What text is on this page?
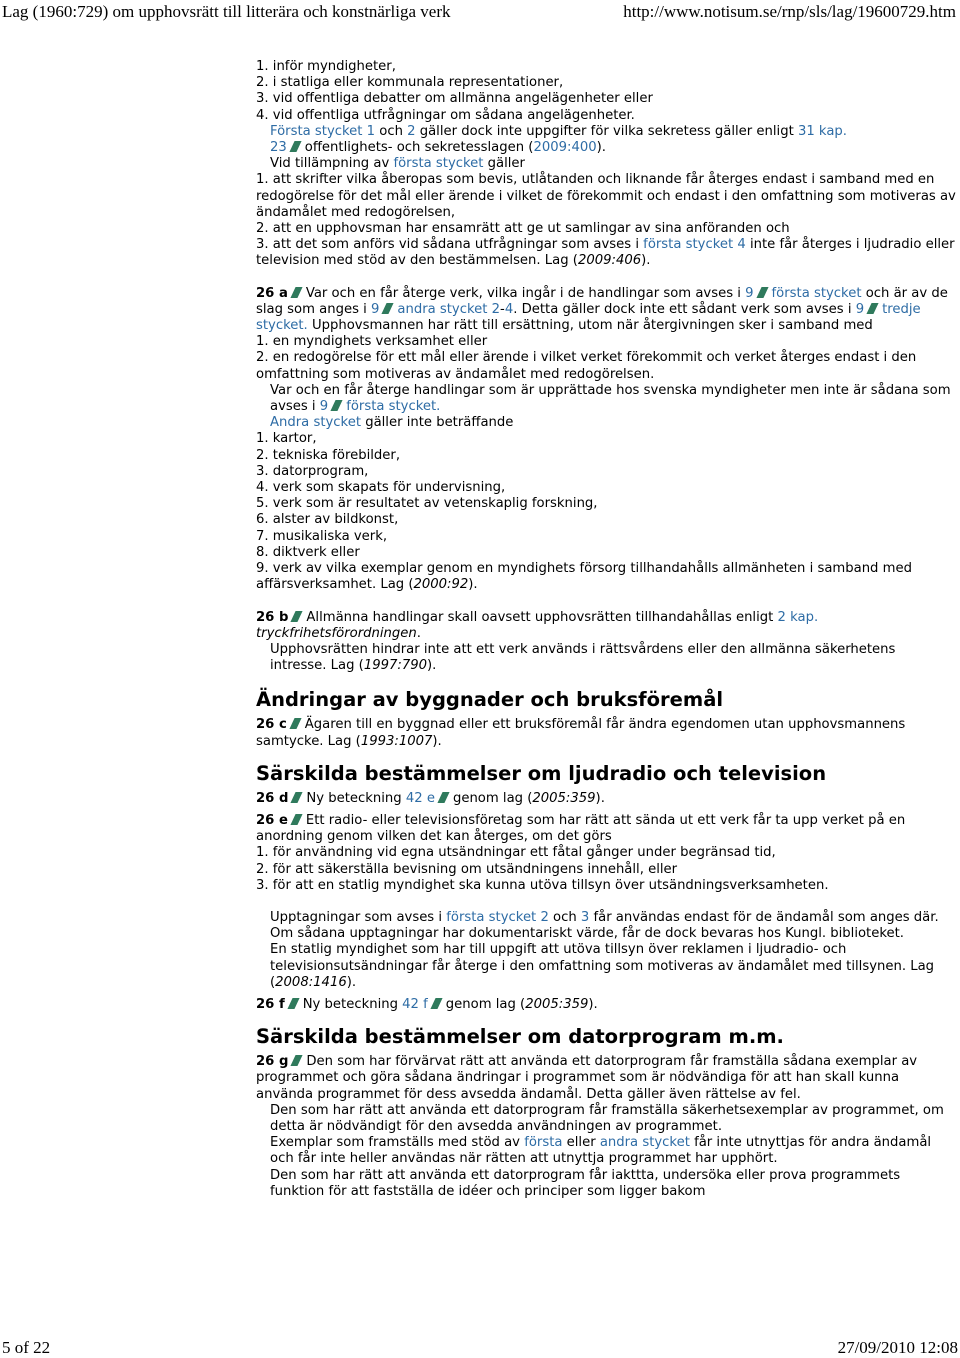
Lag (1960:729) om upphovsrätt till litterära och konstnärliga verk	http://www.notisum.se/rnp/sls/lag/19600729.htm

1. inför myndigheter,

2. i statliga eller kommunala representationer,

3. vid offentliga debatter om allmänna angelägenheter eller

4. vid offentliga utfrågningar om sådana angelägenheter.

Första stycket 1 och 2 gäller dock inte uppgifter för vilka sekretess gäller enligt 31 kap.

23 offentlighets- och sekretesslagen (2009:400).

Vid tillämpning av första stycket gäller

1. att skrifter vilka åberopas som bevis, utlåtanden och liknande får återges endast i samband med en redogörelse för det mål eller ärende i vilket de förekommit och endast i den omfattning som motiveras av ändamålet med redogörelsen,

2. att en upphovsman har ensamrätt att ge ut samlingar av sina anföranden och

3. att det som anförs vid sådana utfrågningar som avses i första stycket 4 inte får återges i ljudradio eller television med stöd av den bestämmelsen. Lag (2009:406).

26 a Var och en får återge verk, vilka ingår i de handlingar som avses i 9 första stycket och är av de slag som anges i 9 andra stycket 2-4. Detta gäller dock inte ett sådant verk som avses i 9 tredje stycket. Upphovsmannen har rätt till ersättning, utom när återgivningen sker i samband med

1. en myndighets verksamhet eller

2. en redogörelse för ett mål eller ärende i vilket verket förekommit och verket återges endast i den omfattning som motiveras av ändamålet med redogörelsen.

Var och en får återge handlingar som är upprättade hos svenska myndigheter men inte är sådana som avses i 9 första stycket.

Andra stycket gäller inte beträffande

1. kartor,

2. tekniska förebilder,

3. datorprogram,

4. verk som skapats för undervisning,

5. verk som är resultatet av vetenskaplig forskning,

6. alster av bildkonst,

7. musikaliska verk,

8. diktverk eller

9. verk av vilka exemplar genom en myndighets försorg tillhandahålls allmänheten i samband med affärsverksamhet. Lag (2000:92).

26 b Allmänna handlingar skall oavsett upphovsrätten tillhandahållas enligt 2 kap. tryckfrihetsförordningen.

Upphovsrätten hindrar inte att ett verk används i rättsvårdens eller den allmänna säkerhetens intresse. Lag (1997:790).

Ändringar av byggnader och bruksföremål

26 c Ägaren till en byggnad eller ett bruksföremål får ändra egendomen utan upphovsmannens samtycke. Lag (1993:1007).

Särskilda bestämmelser om ljudradio och television

26 d Ny beteckning 42 e genom lag (2005:359).

26 e Ett radio- eller televisionsföretag som har rätt att sända ut ett verk får ta upp verket på en anordning genom vilken det kan återges, om det görs

1. för användning vid egna utsändningar ett fåtal gånger under begränsad tid,

2. för att säkerställa bevisning om utsändningens innehåll, eller

3. för att en statlig myndighet ska kunna utöva tillsyn över utsändningsverksamheten.

Upptagningar som avses i första stycket 2 och 3 får användas endast för de ändamål som anges där. Om sådana upptagningar har dokumentariskt värde, får de dock bevaras hos Kungl. biblioteket.

En statlig myndighet som har till uppgift att utöva tillsyn över reklamen i ljudradio- och televisionsutsändningar får återge i den omfattning som motiveras av ändamålet med tillsynen. Lag (2008:1416).

26 f Ny beteckning 42 f genom lag (2005:359).

Särskilda bestämmelser om datorprogram m.m.

26 g Den som har förvärvat rätt att använda ett datorprogram får framställa sådana exemplar av programmet och göra sådana ändringar i programmet som är nödvändiga för att han skall kunna använda programmet för dess avsedda ändamål. Detta gäller även rättelse av fel.

Den som har rätt att använda ett datorprogram får framställa säkerhetsexemplar av programmet, om detta är nödvändigt för den avsedda användningen av programmet.

Exemplar som framställs med stöd av första eller andra stycket får inte utnyttjas för andra ändamål och får inte heller användas när rätten att utnyttja programmet har upphört.

Den som har rätt att använda ett datorprogram får iakttta, undersöka eller prova programmets funktion för att fastställa de idéer och principer som ligger bakom

5 of 22	27/09/2010 12:08
